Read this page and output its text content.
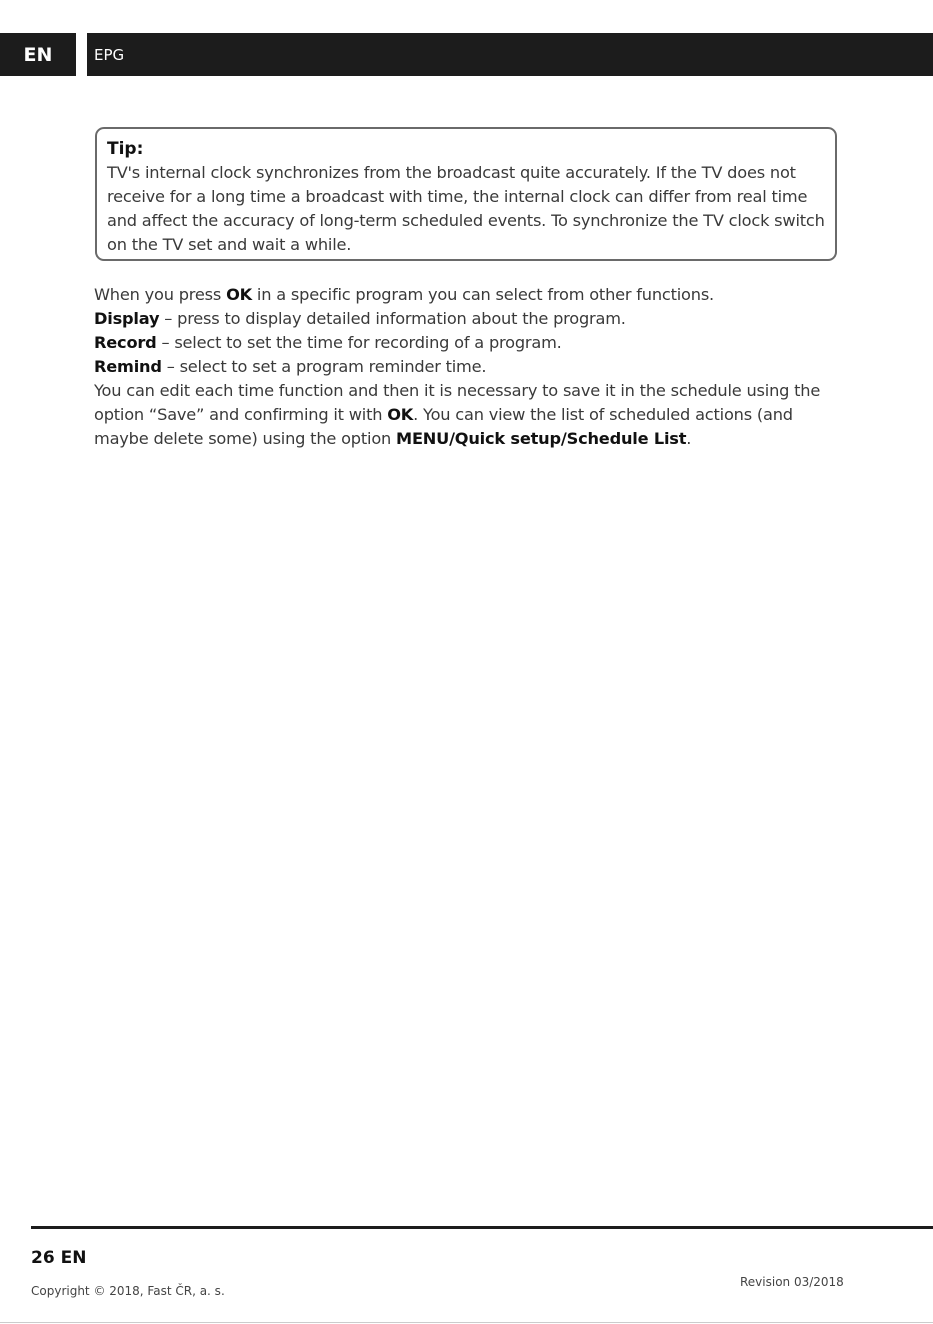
EN	EPG
Tip:
TV's internal clock synchronizes from the broadcast quite accurately. If the TV does not receive for a long time a broadcast with time, the internal clock can differ from real time and affect the accuracy of long-term scheduled events. To synchronize the TV clock switch on the TV set and wait a while.

When you press OK in a specific program you can select from other functions.

Display – press to display detailed information about the program.

Record – select to set the time for recording of a program.

Remind – select to set a program reminder time.

You can edit each time function and then it is necessary to save it in the schedule using the option “Save” and confirming it with OK. You can view the list of scheduled actions (and maybe delete some) using the option MENU/Quick setup/Schedule List.

26 EN
Copyright © 2018, Fast ČR, a. s.
Revision 03/2018
